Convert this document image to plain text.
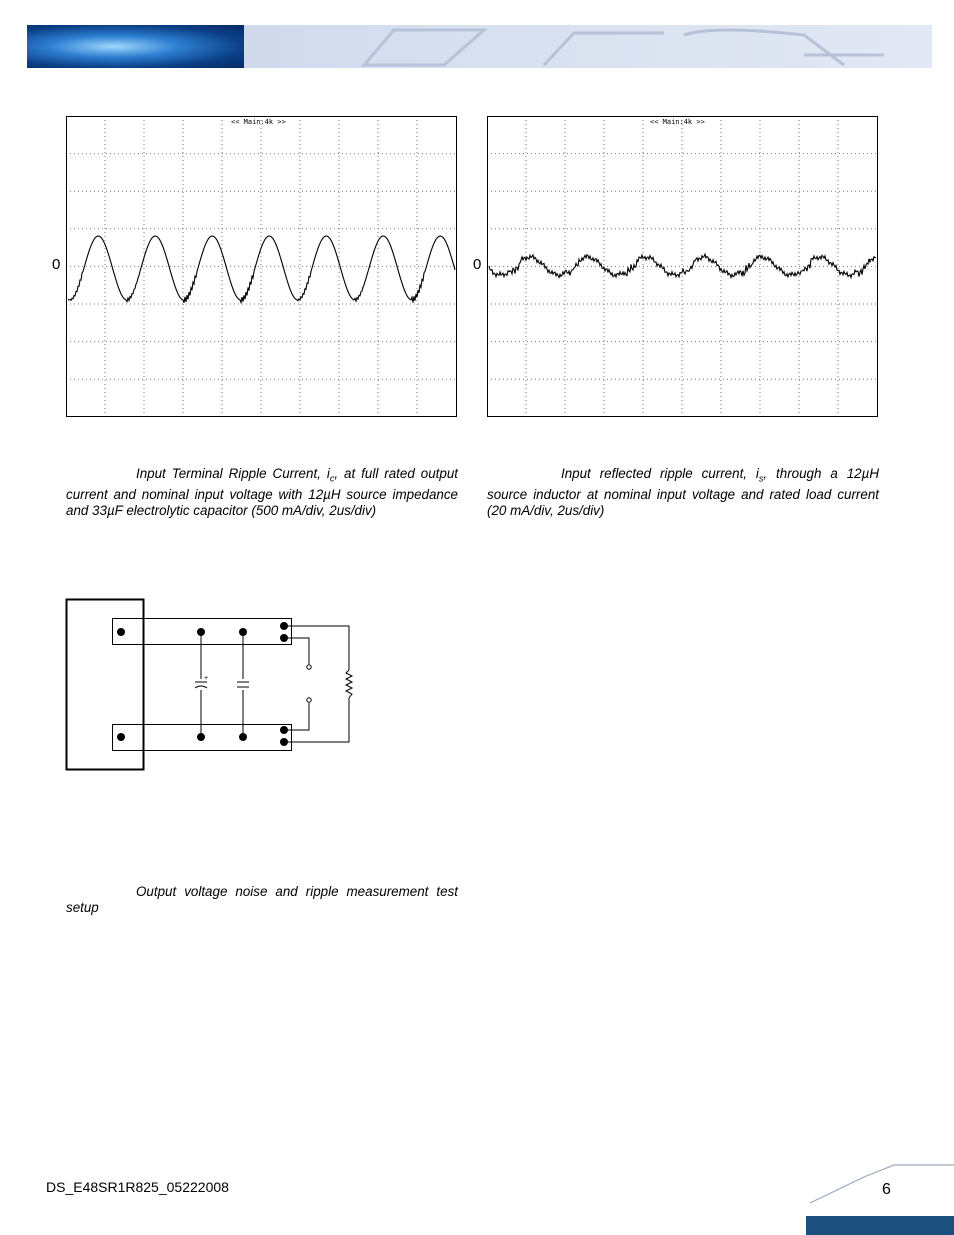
<< Main:4k >>
0
<< Main:4k >>
0
Input Terminal Ripple Current, $i_c$, at full rated output current and nominal input voltage with 12µH source impedance and 33µF electrolytic capacitor (500 mA/div, 2us/div)
Input reflected ripple current, $i_s$, through a 12µH source inductor at nominal input voltage and rated load current (20 mA/div, 2us/div)
+
Output voltage noise and ripple measurement test setup
DS_E48SR1R825_05222008	6
